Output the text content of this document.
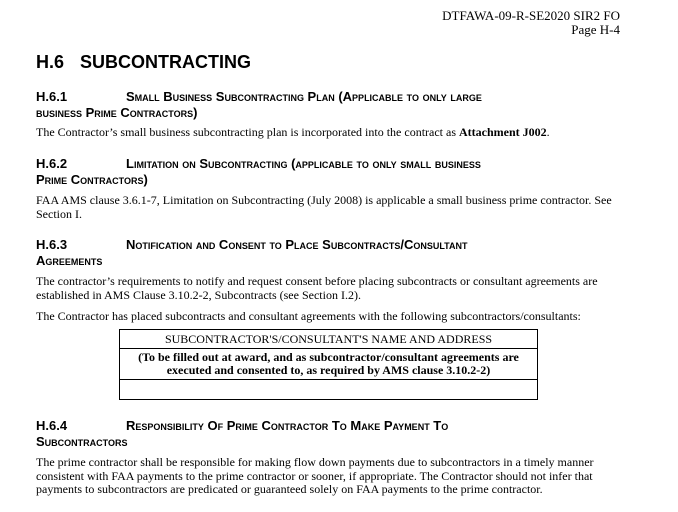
DTFAWA-09-R-SE2020 SIR2 FO
Page H-4
H.6 SUBCONTRACTING
H.6.1	Small Business Subcontracting Plan (Applicable to only large
business Prime Contractors)
The Contractor’s small business subcontracting plan is incorporated into the contract as Attachment J002.
H.6.2	Limitation on Subcontracting (applicable to only small business
Prime Contractors)
FAA AMS clause 3.6.1-7, Limitation on Subcontracting (July 2008) is applicable a small business prime contractor. See Section I.
H.6.3	Notification and Consent to Place Subcontracts/Consultant
Agreements
The contractor’s requirements to notify and request consent before placing subcontracts or consultant agreements are established in AMS Clause 3.10.2-2, Subcontracts (see Section I.2).
The Contractor has placed subcontracts and consultant agreements with the following subcontractors/consultants:
SUBCONTRACTOR'S/CONSULTANT'S NAME AND ADDRESS
(To be filled out at award, and as subcontractor/consultant agreements are executed and consented to, as required by AMS clause 3.10.2-2)

H.6.4	Responsibility Of Prime Contractor To Make Payment To
Subcontractors
The prime contractor shall be responsible for making flow down payments due to subcontractors in a timely manner consistent with FAA payments to the prime contractor or sooner, if appropriate. The Contractor should not infer that payments to subcontractors are predicated or guaranteed solely on FAA payments to the prime contractor.
